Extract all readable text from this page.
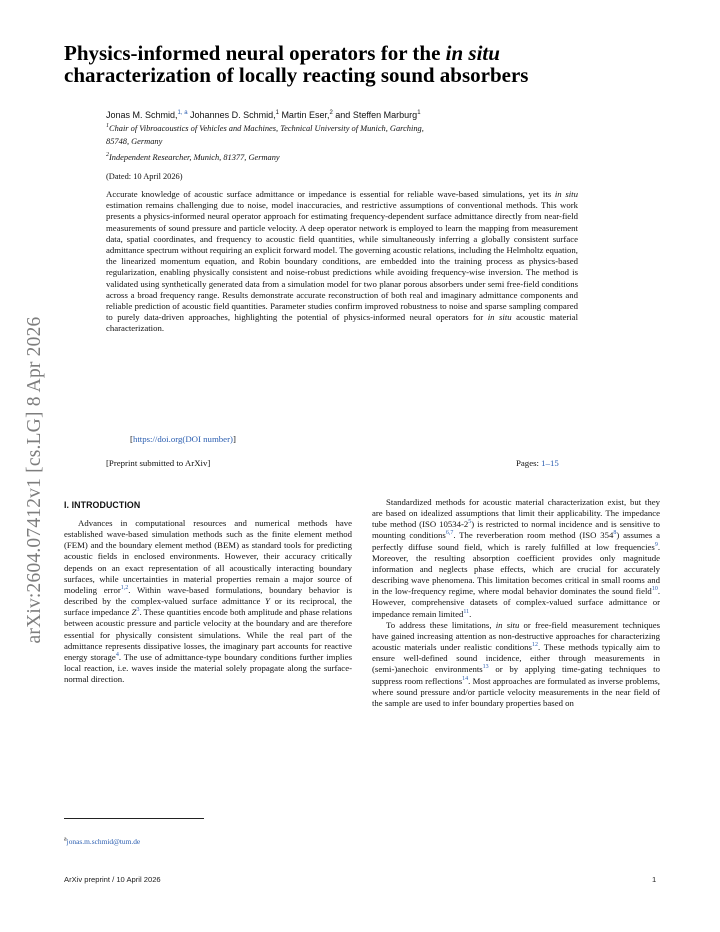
arXiv:2604.07412v1 [cs.LG] 8 Apr 2026
Physics-informed neural operators for the in situ
characterization of locally reacting sound absorbers
Jonas M. Schmid,$^{1, a}$ Johannes D. Schmid,$^1$ Martin Eser,$^2$ and Steffen Marburg$^1$
$^1$Chair of Vibroacoustics of Vehicles and Machines, Technical University of Munich, Garching,
85748, Germany
$^2$Independent Researcher, Munich, 81377, Germany
(Dated: 10 April 2026)

Accurate knowledge of acoustic surface admittance or impedance is essential for reliable wave-based simulations, yet its in situ estimation remains challenging due to noise, model inaccuracies, and restrictive assumptions of conventional methods. This work presents a physics-informed neural operator approach for estimating frequency-dependent surface admittance directly from near-field measurements of sound pressure and particle velocity. A deep operator network is employed to learn the mapping from measurement data, spatial coordinates, and frequency to acoustic field quantities, while simultaneously inferring a globally consistent surface admittance spectrum without requiring an explicit forward model. The governing acoustic relations, including the Helmholtz equation, the linearized momentum equation, and Robin boundary conditions, are embedded into the training process as physics-based regularization, enabling physically consistent and noise-robust predictions while avoiding frequency-wise inversion. The method is validated using synthetically generated data from a simulation model for two planar porous absorbers under semi free-field conditions across a broad frequency range. Results demonstrate accurate reconstruction of both real and imaginary admittance components and reliable prediction of acoustic field quantities. Parameter studies confirm improved robustness to noise and sparse sampling compared to purely data-driven approaches, highlighting the potential of physics-informed neural operators for in situ acoustic material characterization.

[https://doi.org(DOI number)]
[Preprint submitted to ArXiv]	Pages: 1–15
I. INTRODUCTION

Advances in computational resources and numerical methods have established wave-based simulation methods such as the finite element method (FEM) and the boundary element method (BEM) as standard tools for predicting acoustic fields in enclosed environments. However, their accuracy critically depends on an exact representation of all acoustically interacting boundary surfaces, while uncertainties in material properties remain a major source of modeling error$^{1,2}$. Within wave-based formulations, boundary behavior is described by the complex-valued surface admittance Y or its reciprocal, the surface impedance $Z^3$. These quantities encode both amplitude and phase relations between acoustic pressure and particle velocity at the boundary and are therefore essential for physically consistent simulations. While the real part of the admittance represents dissipative losses, the imaginary part accounts for reactive energy storage$^4$. The use of admittance-type boundary conditions further implies local reaction, i.e. waves inside the material solely propagate along the surface-normal direction.

Standardized methods for acoustic material characterization exist, but they are based on idealized assumptions that limit their applicability. The impedance tube method (ISO $10534-2^5$) is restricted to normal incidence and is sensitive to mounting conditions$^{6,7}$. The reverberation room method (ISO $354^8$) assumes a perfectly diffuse sound field, which is rarely fulfilled at low frequencies$^9$. Moreover, the resulting absorption coefficient provides only magnitude information and neglects phase effects, which are crucial for accurately describing wave phenomena. This limitation becomes critical in small rooms and in the low-frequency regime, where modal behavior dominates the sound field$^{10}$. However, comprehensive datasets of complex-valued surface admittance or impedance remain limited$^{11}$.

To address these limitations, in situ or free-field measurement techniques have gained increasing attention as non-destructive approaches for characterizing acoustic materials under realistic conditions$^{12}$. These methods typically aim to ensure well-defined sound incidence, either through measurements in (semi-)anechoic environments$^{13}$ or by applying time-gating techniques to suppress room reflections$^{14}$. Most approaches are formulated as inverse problems, where sound pressure and/or particle velocity measurements in the near field of the sample are used to infer boundary properties based on

$^a$jonas.m.schmid@tum.de
ArXiv preprint / 10 April 2026	1
